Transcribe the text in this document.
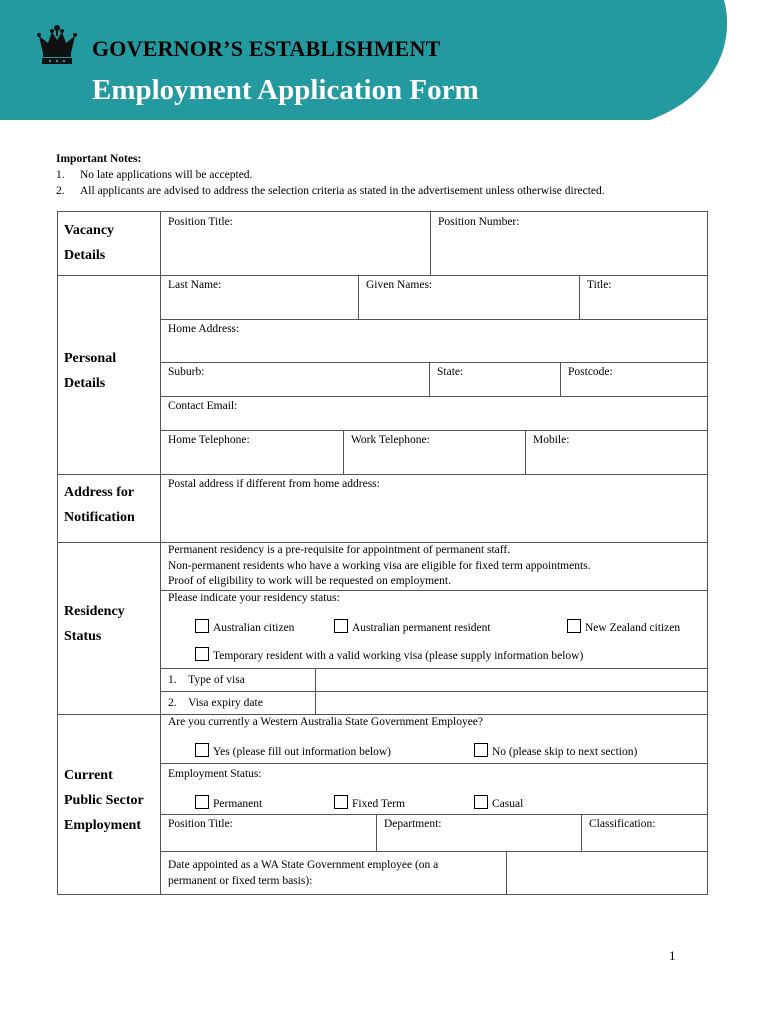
GOVERNOR’S ESTABLISHMENT
Employment Application Form
Important Notes:
1.	No late applications will be accepted.
2.	All applicants are advised to address the selection criteria as stated in the advertisement unless otherwise directed.
Vacancy
Details
Position Title:	Position Number:
Personal
Details
Last Name:	Given Names:	Title:
Home Address:
Suburb:	State:	Postcode:
Contact Email:
Home Telephone:	Work Telephone:	Mobile:
Address for
Notification
Postal address if different from home address:
Residency
Status
Permanent residency is a pre-requisite for appointment of permanent staff.
Non-permanent residents who have a working visa are eligible for fixed term appointments.
Proof of eligibility to work will be requested on employment.
Please indicate your residency status:
Australian citizen	Australian permanent resident	New Zealand citizen
Temporary resident with a valid working visa (please supply information below)
1. Type of visa
2. Visa expiry date
Current
Public Sector
Employment
Are you currently a Western Australia State Government Employee?
Yes (please fill out information below)	No (please skip to next section)
Employment Status:
Permanent	Fixed Term	Casual
Position Title:	Department:	Classification:
Date appointed as a WA State Government employee (on a
permanent or fixed term basis):
1
